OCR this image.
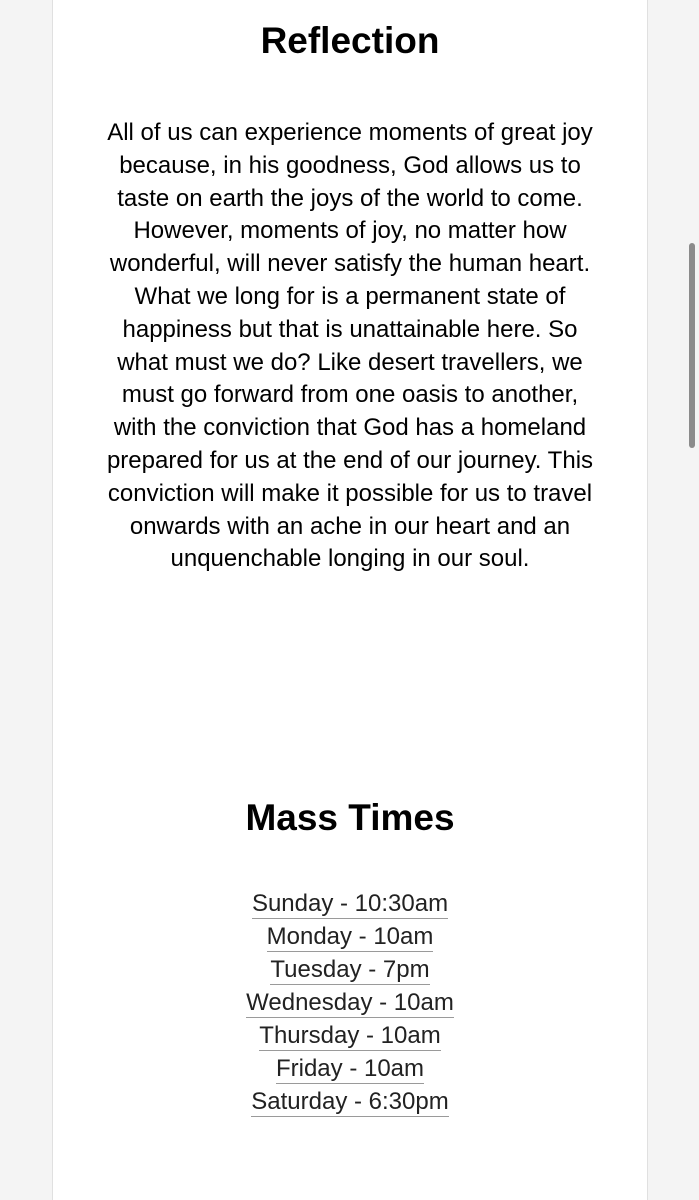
Reflection

All of us can experience moments of great joy because, in his goodness, God allows us to taste on earth the joys of the world to come. However, moments of joy, no matter how wonderful, will never satisfy the human heart. What we long for is a permanent state of happiness but that is unattainable here. So what must we do? Like desert travellers, we must go forward from one oasis to another, with the conviction that God has a homeland prepared for us at the end of our journey. This conviction will make it possible for us to travel onwards with an ache in our heart and an unquenchable longing in our soul.

Mass Times
Sunday - 10:30am
Monday - 10am
Tuesday - 7pm
Wednesday - 10am
Thursday - 10am
Friday - 10am
Saturday - 6:30pm
